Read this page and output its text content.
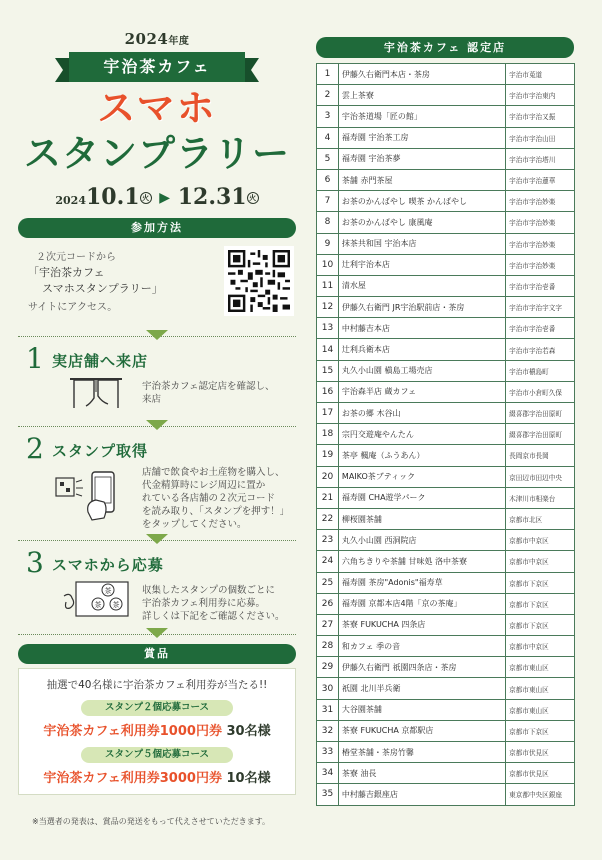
2024年度
宇治茶カフェ
スマホ
スタンプラリー
202410.1 火 ▶ 12.31 火
参加方法
２次元コードから
「宇治茶カフェ
スマホスタンプラリー」
サイトにアクセス。
1 実店舗へ来店
宇治茶カフェ認定店を確認し、
来店
2 スタンプ取得
店舗で飲食やお土産物を購入し、
代金精算時にレジ周辺に置か
れている各店舗の２次元コード
を読み取り、「スタンプを押す！」
をタップしてください。
3 スマホから応募
茶
茶 茶
収集したスタンプの個数ごとに
宇治茶カフェ利用券に応募。
詳しくは下記をご確認ください。
賞品
抽選で40名様に宇治茶カフェ利用券が当たる!!
スタンプ２個応募コース
宇治茶カフェ利用券1000円券 30名様
スタンプ５個応募コース
宇治茶カフェ利用券3000円券 10名様
※当選者の発表は、賞品の発送をもって代えさせていただきます。
宇治茶カフェ 認定店
1	伊藤久右衛門本店・茶房	宇治市莵道
2	雲上茶寮	宇治市宇治東内
3	宇治茶道場「匠の館」	宇治市宇治又振
4	福寿園 宇治茶工房	宇治市宇治山田
5	福寿園 宇治茶夢	宇治市宇治塔川
6	茶舗 赤門茶屋	宇治市宇治蓮華
7	お茶のかんばやし 喫茶 かんばやし	宇治市宇治妙楽
8	お茶のかんばやし 康風庵	宇治市宇治妙楽
9	抹茶共和国 宇治本店	宇治市宇治妙楽
10	辻利宇治本店	宇治市宇治妙楽
11	清水屋	宇治市宇治壱番
12	伊藤久右衛門 JR宇治駅前店・茶房	宇治市宇治宇文字
13	中村藤吉本店	宇治市宇治壱番
14	辻利兵衛本店	宇治市宇治若森
15	丸久小山園 槇島工場売店	宇治市槇島町
16	宇治森半店 蔵カフェ	宇治市小倉町久保
17	お茶の郷 木谷山	綴喜郡宇治田原町
18	宗円交遊庵やんたん	綴喜郡宇治田原町
19	茶亭 楓庵（ふうあん）	長岡京市長岡
20	MAIKO茶ブティック	京田辺市田辺中央
21	福寿園 CHA遊学パーク	木津川市相楽台
22	柳桜園茶舗	京都市北区
23	丸久小山園 西洞院店	京都市中京区
24	六角ちきりや茶舗 甘味処 洛中茶寮	京都市中京区
25	福寿園 茶房"Adonis"福寿草	京都市下京区
26	福寿園 京都本店4階「京の茶庵」	京都市下京区
27	茶寮 FUKUCHA 四条店	京都市下京区
28	和カフェ 季の音	京都市中京区
29	伊藤久右衛門 祇園四条店・茶房	京都市東山区
30	祇園 北川半兵衛	京都市東山区
31	大谷園茶舗	京都市東山区
32	茶寮 FUKUCHA 京都駅店	京都市下京区
33	椿堂茶舗・茶房竹馨	京都市伏見区
34	茶寮 油長	京都市伏見区
35	中村藤吉銀座店	東京都中央区銀座
